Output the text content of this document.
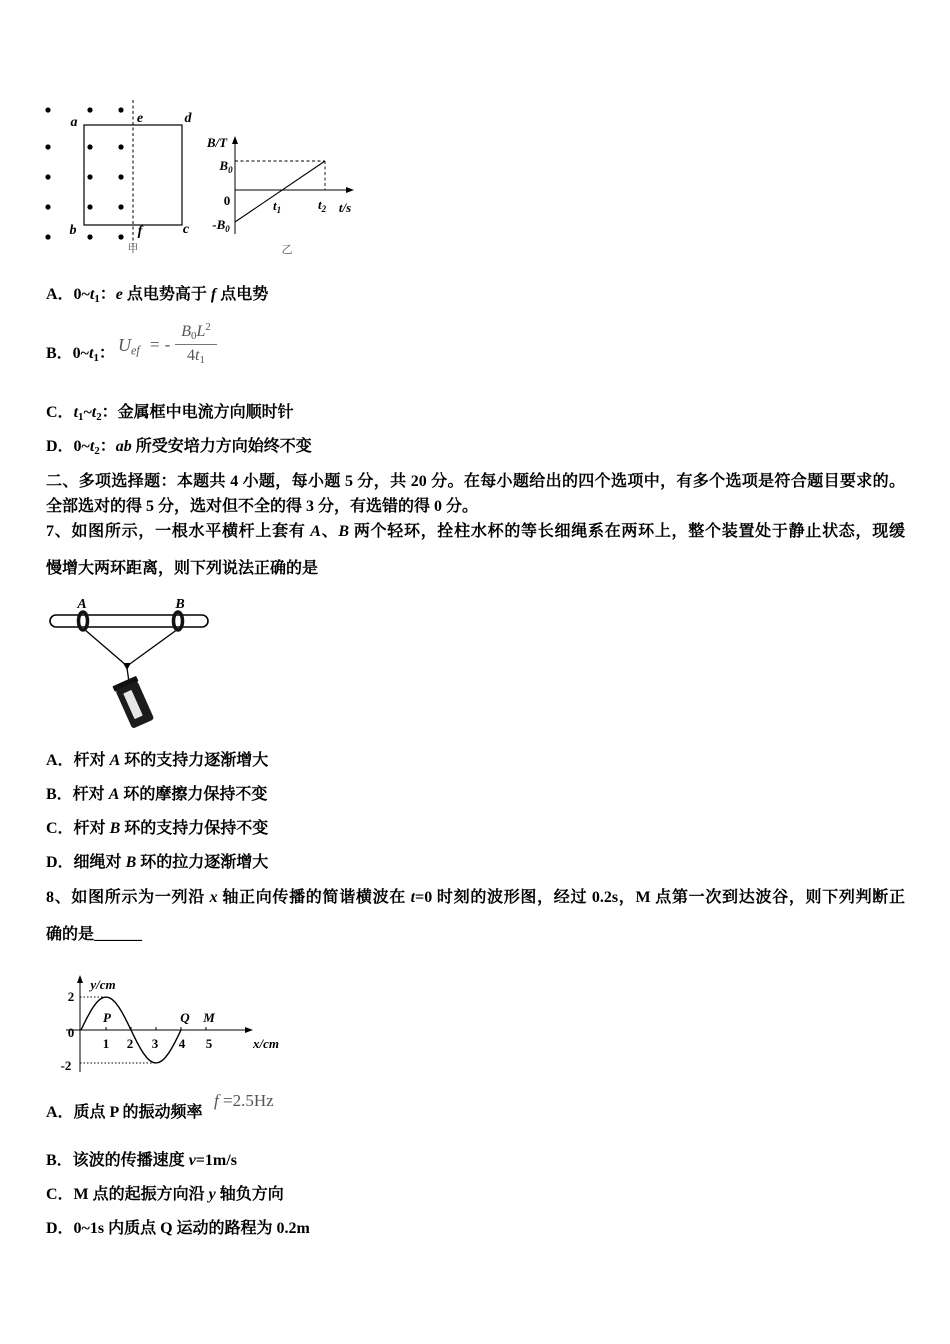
a	e	d
b	f	c
甲
B/T
$B_0$
0
$-B_0$
$t_1$	$t_2$ t/s
乙
A．0~t1：e 点电势高于 f 点电势
B．0~t1： Uef =- $\frac{B0L^2}{4t1}$
C．t1~t2：金属框中电流方向顺时针
D．0~t2：ab 所受安培力方向始终不变
二、多项选择题：本题共 4 小题，每小题 5 分，共 20 分。在每小题给出的四个选项中，有多个选项是符合题目要求的。
全部选对的得 5 分，选对但不全的得 3 分，有选错的得 0 分。
7、如图所示，一根水平横杆上套有 A、B 两个轻环，拴柱水杯的等长细绳系在两环上，整个装置处于静止状态，现缓
慢增大两环距离，则下列说法正确的是
A	B
A．杆对 A 环的支持力逐渐增大
B．杆对 A 环的摩擦力保持不变
C．杆对 B 环的支持力保持不变
D．细绳对 B 环的拉力逐渐增大
8、如图所示为一列沿 x 轴正向传播的简谐横波在 t=0 时刻的波形图，经过 0.2s，M 点第一次到达波谷，则下列判断正
确的是______
y/cm
2
0
-2
P	Q M
1 2 3 4 5	x/cm
A．质点 P 的振动频率
f =2.5Hz
B．该波的传播速度 v=1m/s
C．M 点的起振方向沿 y 轴负方向
D．0~1s 内质点 Q 运动的路程为 0.2m
